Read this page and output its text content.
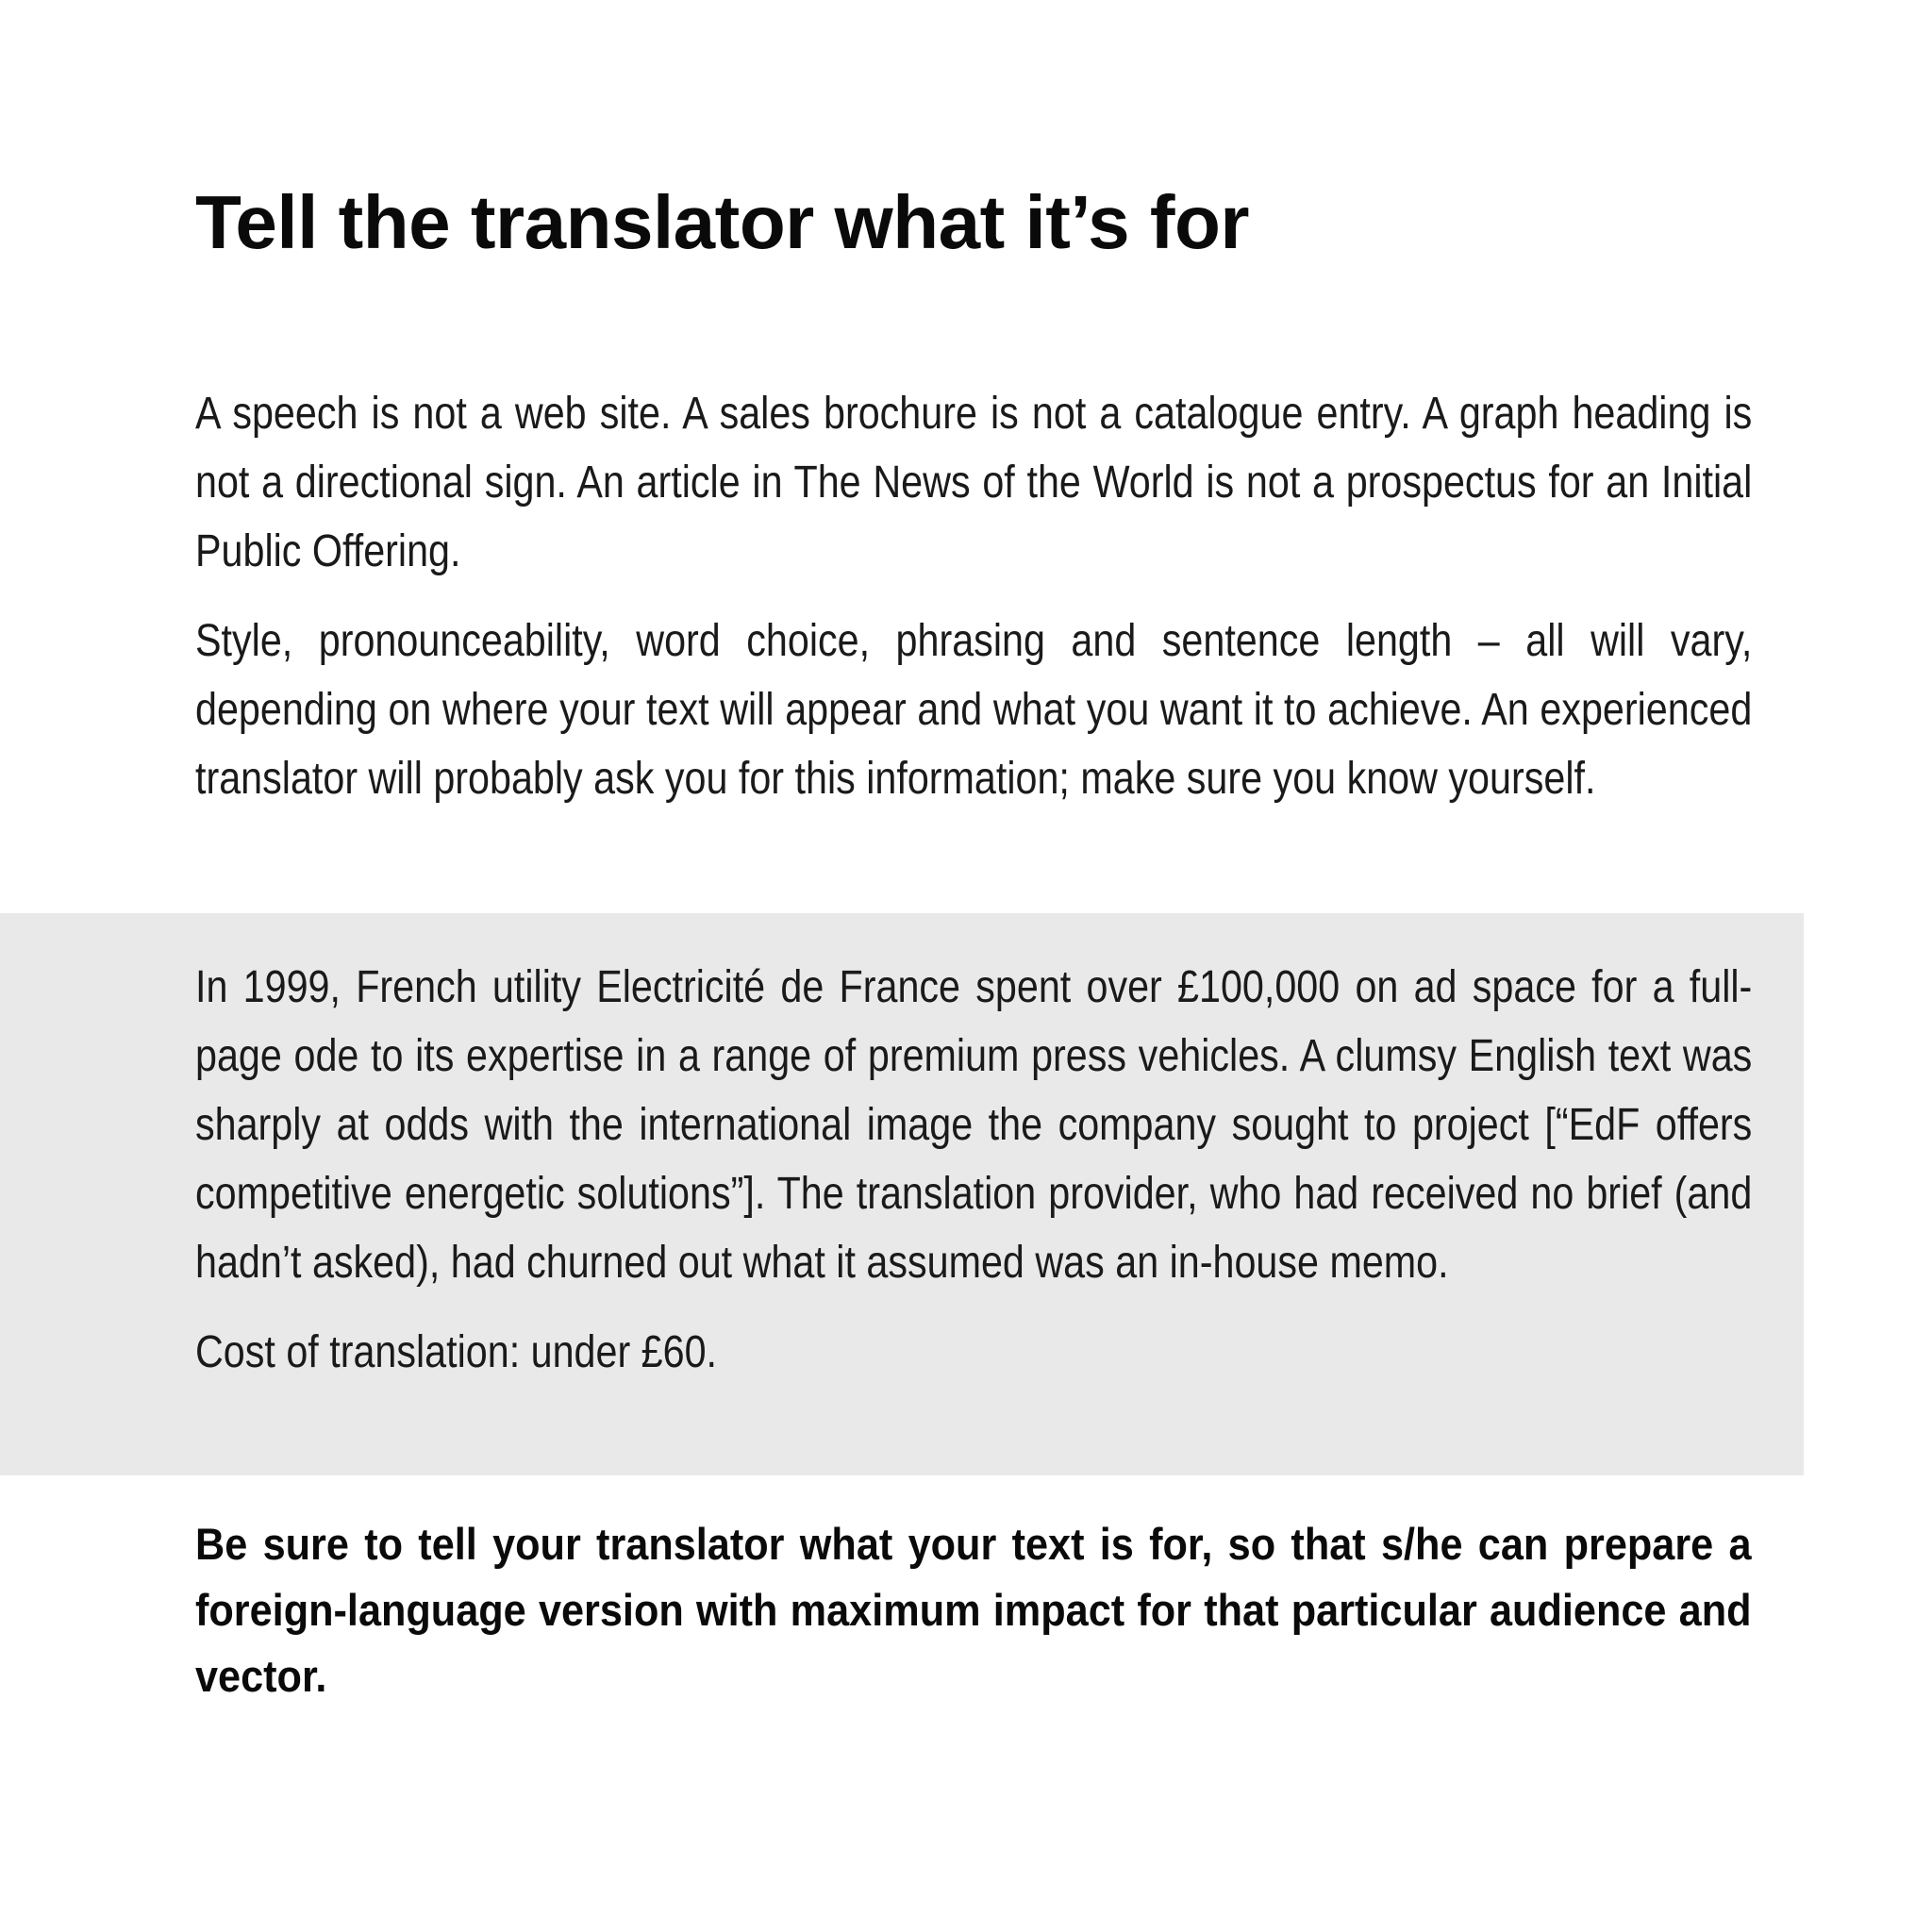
Tell the translator what it’s for

A speech is not a web site. A sales brochure is not a catalogue entry. A graph heading is not a directional sign. An article in The News of the World is not a prospectus for an Initial Public Offering.

Style, pronounceability, word choice, phrasing and sentence length – all will vary, depending on where your text will appear and what you want it to achieve. An experienced translator will probably ask you for this information; make sure you know yourself.

In 1999, French utility Electricité de France spent over £100,000 on ad space for a full-page ode to its expertise in a range of premium press vehicles. A clumsy English text was sharply at odds with the international image the company sought to project [“EdF offers competitive energetic solutions”]. The translation provider, who had received no brief (and hadn’t asked), had churned out what it assumed was an in-house memo.

Cost of translation: under £60.

Be sure to tell your translator what your text is for, so that s/he can prepare a foreign-language version with maximum impact for that particular audience and vector.
